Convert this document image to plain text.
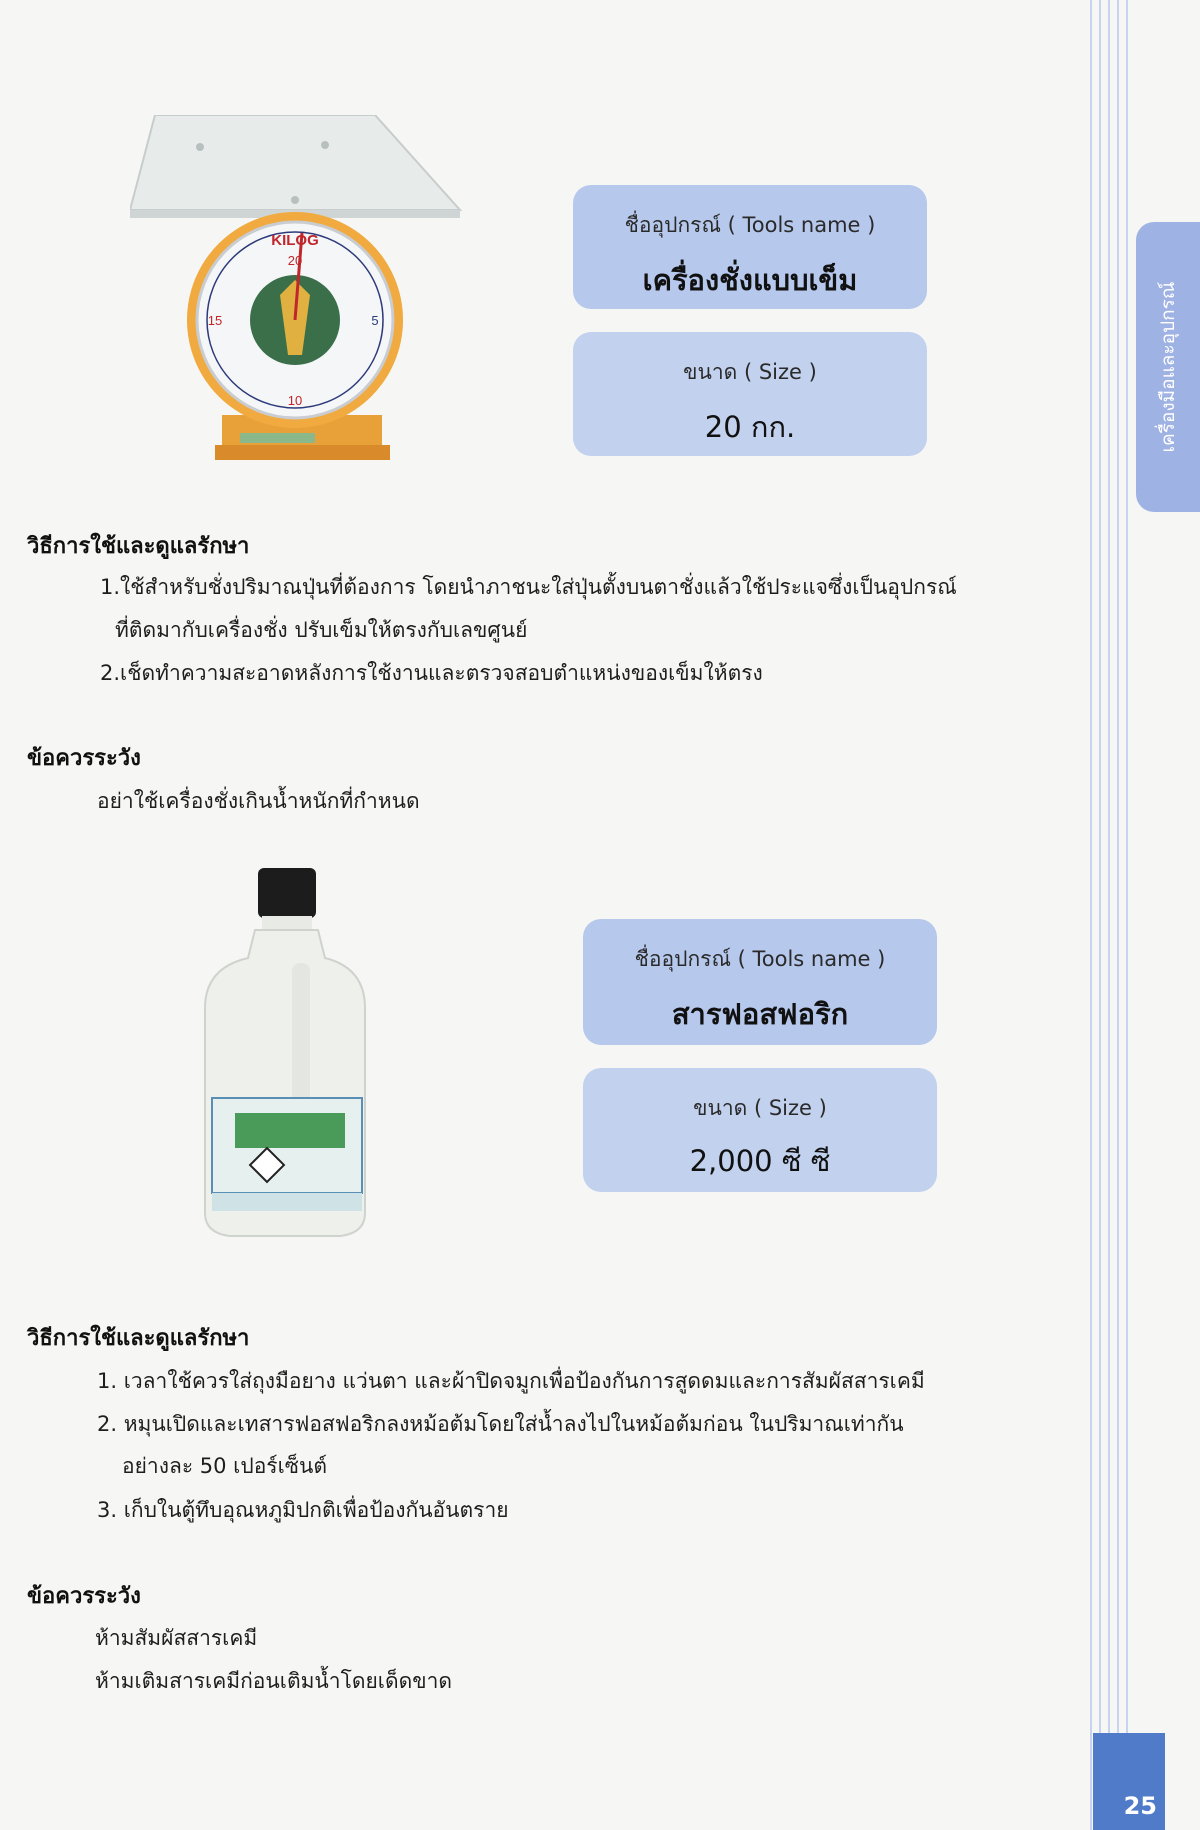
เครื่องมือและอุปกรณ์
25
KILOG
20
5
15
10
ชื่ออุปกรณ์ ( Tools name )
เครื่องชั่งแบบเข็ม
ขนาด ( Size )
20 กก.
วิธีการใช้และดูแลรักษา
1.ใช้สำหรับชั่งปริมาณปุ่นที่ต้องการ โดยนำภาชนะใส่ปุ่นตั้งบนตาชั่งแล้วใช้ประแจซึ่งเป็นอุปกรณ์
ที่ติดมากับเครื่องชั่ง ปรับเข็มให้ตรงกับเลขศูนย์
2.เช็ดทำความสะอาดหลังการใช้งานและตรวจสอบตำแหน่งของเข็มให้ตรง
ข้อควรระวัง
อย่าใช้เครื่องชั่งเกินน้ำหนักที่กำหนด
ชื่ออุปกรณ์ ( Tools name )
สารฟอสฟอริก
ขนาด ( Size )
2,000 ซี ซี
วิธีการใช้และดูแลรักษา
1. เวลาใช้ควรใส่ถุงมือยาง แว่นตา และผ้าปิดจมูกเพื่อป้องกันการสูดดมและการสัมผัสสารเคมี
2. หมุนเปิดและเทสารฟอสฟอริกลงหม้อต้มโดยใส่น้ำลงไปในหม้อต้มก่อน ในปริมาณเท่ากัน
อย่างละ 50 เปอร์เซ็นต์
3. เก็บในตู้ทึบอุณหภูมิปกติเพื่อป้องกันอันตราย
ข้อควรระวัง
ห้ามสัมผัสสารเคมี
ห้ามเติมสารเคมีก่อนเติมน้ำโดยเด็ดขาด
